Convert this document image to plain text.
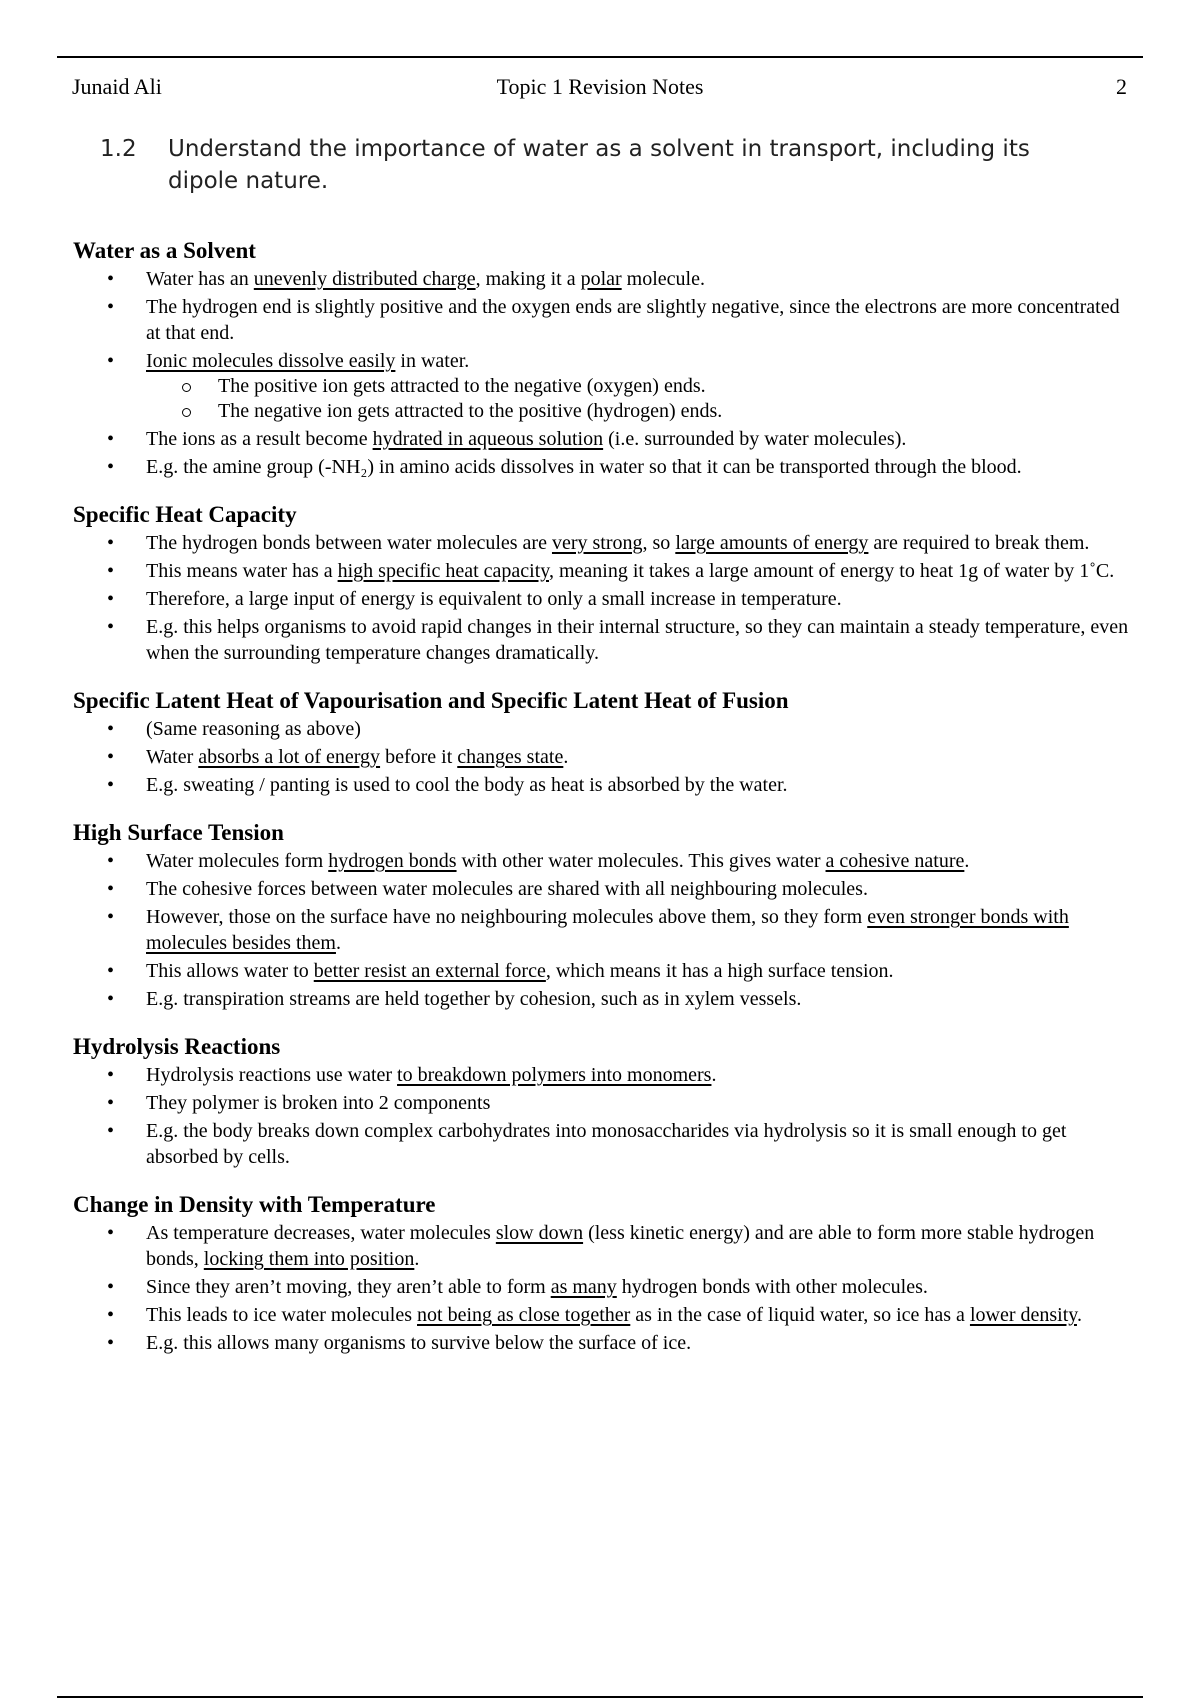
Junaid Ali	Topic 1 Revision Notes	2
1.2	Understand the importance of water as a solvent in transport, including its dipole nature.
Water as a Solvent
• Water has an unevenly distributed charge, making it a polar molecule.
• The hydrogen end is slightly positive and the oxygen ends are slightly negative, since the electrons are more concentrated at that end.
• Ionic molecules dissolve easily in water.
The positive ion gets attracted to the negative (oxygen) ends.
The negative ion gets attracted to the positive (hydrogen) ends.
• The ions as a result become hydrated in aqueous solution (i.e. surrounded by water molecules).
• E.g. the amine group (-NH₂) in amino acids dissolves in water so that it can be transported through the blood.
Specific Heat Capacity
• The hydrogen bonds between water molecules are very strong, so large amounts of energy are required to break them.
• This means water has a high specific heat capacity, meaning it takes a large amount of energy to heat 1g of water by 1˚C.
• Therefore, a large input of energy is equivalent to only a small increase in temperature.
• E.g. this helps organisms to avoid rapid changes in their internal structure, so they can maintain a steady temperature, even when the surrounding temperature changes dramatically.
Specific Latent Heat of Vapourisation and Specific Latent Heat of Fusion
• (Same reasoning as above)
• Water absorbs a lot of energy before it changes state.
• E.g. sweating / panting is used to cool the body as heat is absorbed by the water.
High Surface Tension
• Water molecules form hydrogen bonds with other water molecules. This gives water a cohesive nature.
• The cohesive forces between water molecules are shared with all neighbouring molecules.
• However, those on the surface have no neighbouring molecules above them, so they form even stronger bonds with molecules besides them.
• This allows water to better resist an external force, which means it has a high surface tension.
• E.g. transpiration streams are held together by cohesion, such as in xylem vessels.
Hydrolysis Reactions
• Hydrolysis reactions use water to breakdown polymers into monomers.
• They polymer is broken into 2 components
• E.g. the body breaks down complex carbohydrates into monosaccharides via hydrolysis so it is small enough to get absorbed by cells.
Change in Density with Temperature
• As temperature decreases, water molecules slow down (less kinetic energy) and are able to form more stable hydrogen bonds, locking them into position.
• Since they aren’t moving, they aren’t able to form as many hydrogen bonds with other molecules.
• This leads to ice water molecules not being as close together as in the case of liquid water, so ice has a lower density.
• E.g. this allows many organisms to survive below the surface of ice.
